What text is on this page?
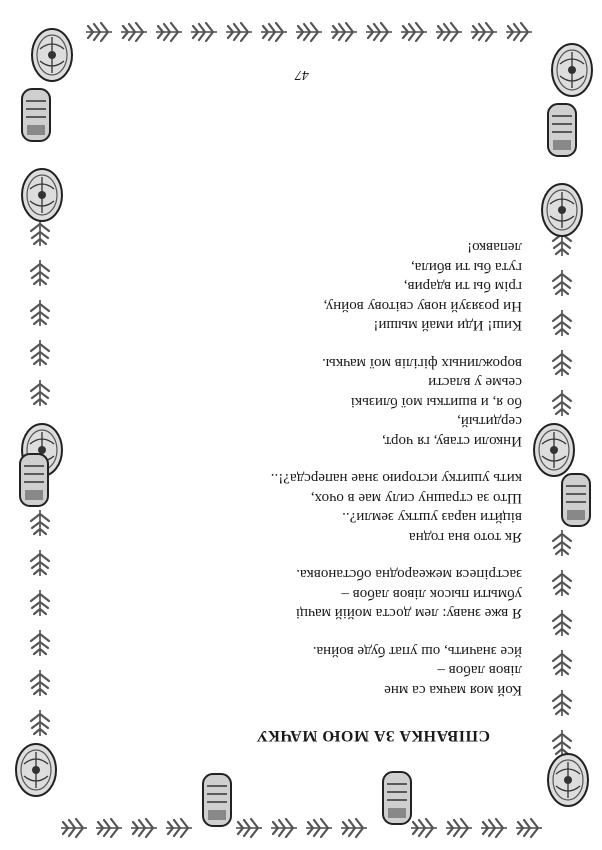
СПІВАНКА ЗА МОЮ МАЧКУ
Кой моя мачка са мне
лівов лабов –
йсе значить, ош упат буде война.
Я вже знаву: лем доста мойій мачці
убмыти пысок лівов лабов –
застріпеся межеародна обстановка.
Як тото вна годна
віцйти нараз уштку земли?..
Што за страшну силу мае в очох,
кить ушитку историю знае наперсда?!..
Инколи ставу, гя чорт,
сердитый,
бо я, и вшиткы мої близькі
сеьме у власти
ворожлиных фігілів мої мачкы.
Киш! Иди имай мыши!
Ни розязуй нову світову войну,
грім бы ти вдарив,
гута бы ти вбила,
лепавко!
47
